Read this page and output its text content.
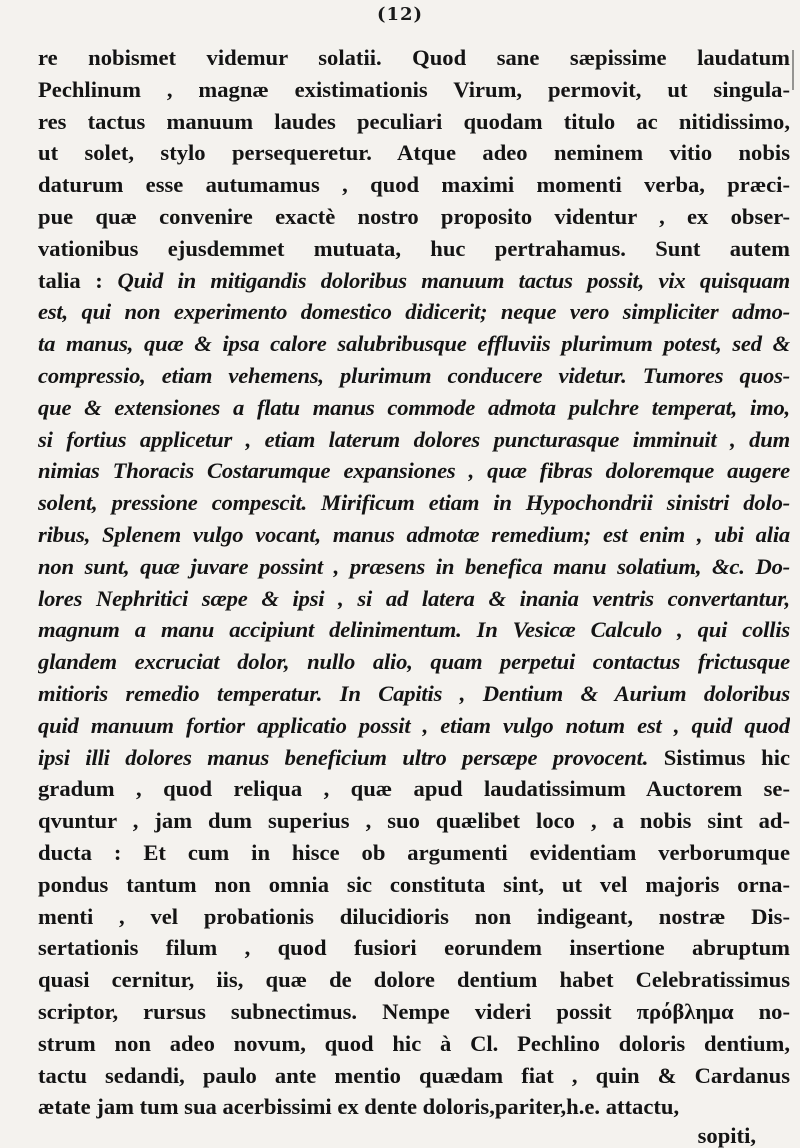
(12)
re nobismet videmur solatii. Quod sane sæpissime laudatum
Pechlinum , magnæ existimationis Virum, permovit, ut singula-
res tactus manuum laudes peculiari quodam titulo ac nitidissimo,
ut solet, stylo persequeretur. Atque adeo neminem vitio nobis
daturum esse autumamus , quod maximi momenti verba, præci-
pue quæ convenire exactè nostro proposito videntur , ex obser-
vationibus ejusdemmet mutuata, huc pertrahamus. Sunt autem
talia : Quid in mitigandis doloribus manuum tactus possit, vix quisquam
est, qui non experimento domestico didicerit; neque vero simpliciter admo-
ta manus, quæ & ipsa calore salubribusque effluviis plurimum potest, sed &
compressio, etiam vehemens, plurimum conducere videtur. Tumores quos-
que & extensiones a flatu manus commode admota pulchre temperat, imo,
si fortius applicetur , etiam laterum dolores puncturasque imminuit , dum
nimias Thoracis Costarumque expansiones , quæ fibras doloremque augere
solent, pressione compescit. Mirificum etiam in Hypochondrii sinistri dolo-
ribus, Splenem vulgo vocant, manus admotæ remedium; est enim , ubi alia
non sunt, quæ juvare possint , præsens in benefica manu solatium, &c. Do-
lores Nephritici sæpe & ipsi , si ad latera & inania ventris convertantur,
magnum a manu accipiunt delinimentum. In Vesicæ Calculo , qui collis
glandem excruciat dolor, nullo alio, quam perpetui contactus frictusque
mitioris remedio temperatur. In Capitis , Dentium & Aurium doloribus
quid manuum fortior applicatio possit , etiam vulgo notum est , quid quod
ipsi illi dolores manus beneficium ultro persæpe provocent. Sistimus hic
gradum , quod reliqua , quæ apud laudatissimum Auctorem se-
qvuntur , jam dum superius , suo quælibet loco , a nobis sint ad-
ducta : Et cum in hisce ob argumenti evidentiam verborumque
pondus tantum non omnia sic constituta sint, ut vel majoris orna-
menti , vel probationis dilucidioris non indigeant, nostræ Dis-
sertationis filum , quod fusiori eorundem insertione abruptum
quasi cernitur, iis, quæ de dolore dentium habet Celebratissimus
scriptor, rursus subnectimus. Nempe videri possit πρόβλημα no-
strum non adeo novum, quod hic à Cl. Pechlino doloris dentium,
tactu sedandi, paulo ante mentio quædam fiat , quin & Cardanus
ætate jam tum sua acerbissimi ex dente doloris,pariter,h.e. attactu,
sopiti,
